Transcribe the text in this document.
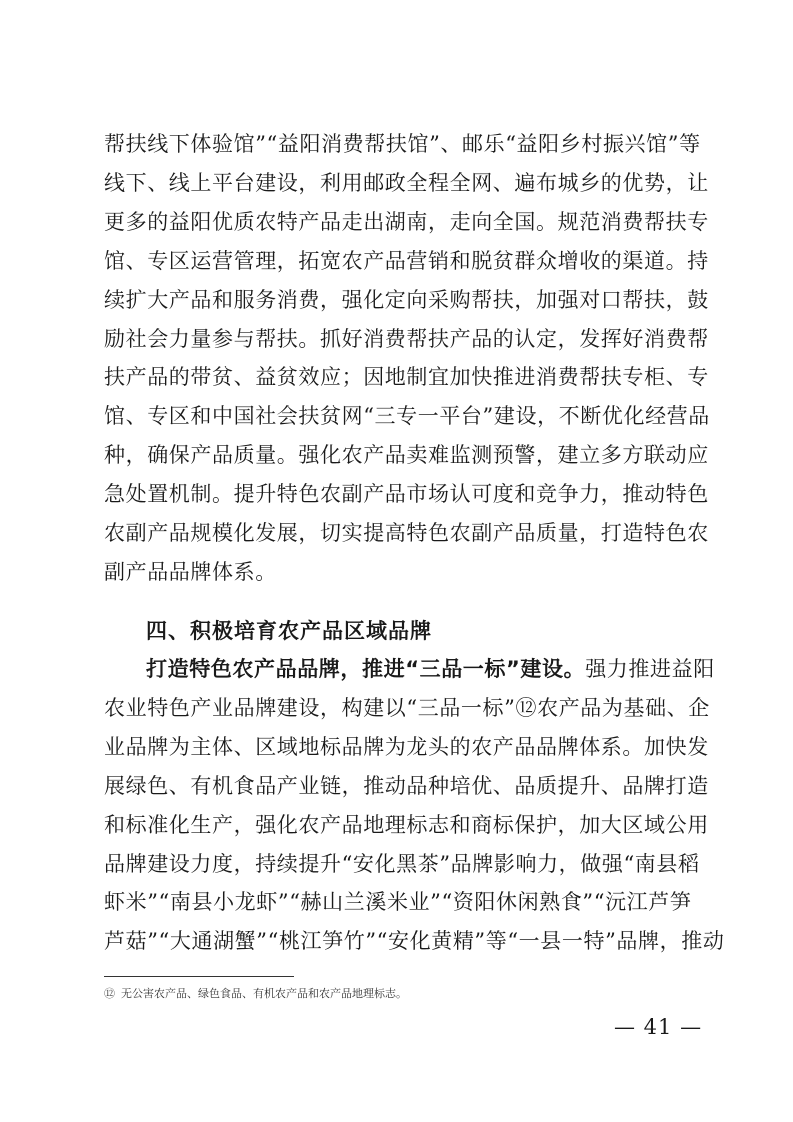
帮扶线下体验馆”“益阳消费帮扶馆”、邮乐“益阳乡村振兴馆”等
线下、线上平台建设，利用邮政全程全网、遍布城乡的优势，让
更多的益阳优质农特产品走出湖南，走向全国。规范消费帮扶专
馆、专区运营管理，拓宽农产品营销和脱贫群众增收的渠道。持
续扩大产品和服务消费，强化定向采购帮扶，加强对口帮扶，鼓
励社会力量参与帮扶。抓好消费帮扶产品的认定，发挥好消费帮
扶产品的带贫、益贫效应；因地制宜加快推进消费帮扶专柜、专
馆、专区和中国社会扶贫网“三专一平台”建设，不断优化经营品
种，确保产品质量。强化农产品卖难监测预警，建立多方联动应
急处置机制。提升特色农副产品市场认可度和竞争力，推动特色
农副产品规模化发展，切实提高特色农副产品质量，打造特色农
副产品品牌体系。
四、积极培育农产品区域品牌
打造特色农产品品牌，推进“三品一标”建设。强力推进益阳
农业特色产业品牌建设，构建以“三品一标”⑫农产品为基础、企
业品牌为主体、区域地标品牌为龙头的农产品品牌体系。加快发
展绿色、有机食品产业链，推动品种培优、品质提升、品牌打造
和标准化生产，强化农产品地理标志和商标保护，加大区域公用
品牌建设力度，持续提升“安化黑茶”品牌影响力，做强“南县稻
虾米”“南县小龙虾”“赫山兰溪米业”“资阳休闲熟食”“沅江芦笋
芦菇”“大通湖蟹”“桃江笋竹”“安化黄精”等“一县一特”品牌，推动
⑫ 无公害农产品、绿色食品、有机农产品和农产品地理标志。
— 41 —
